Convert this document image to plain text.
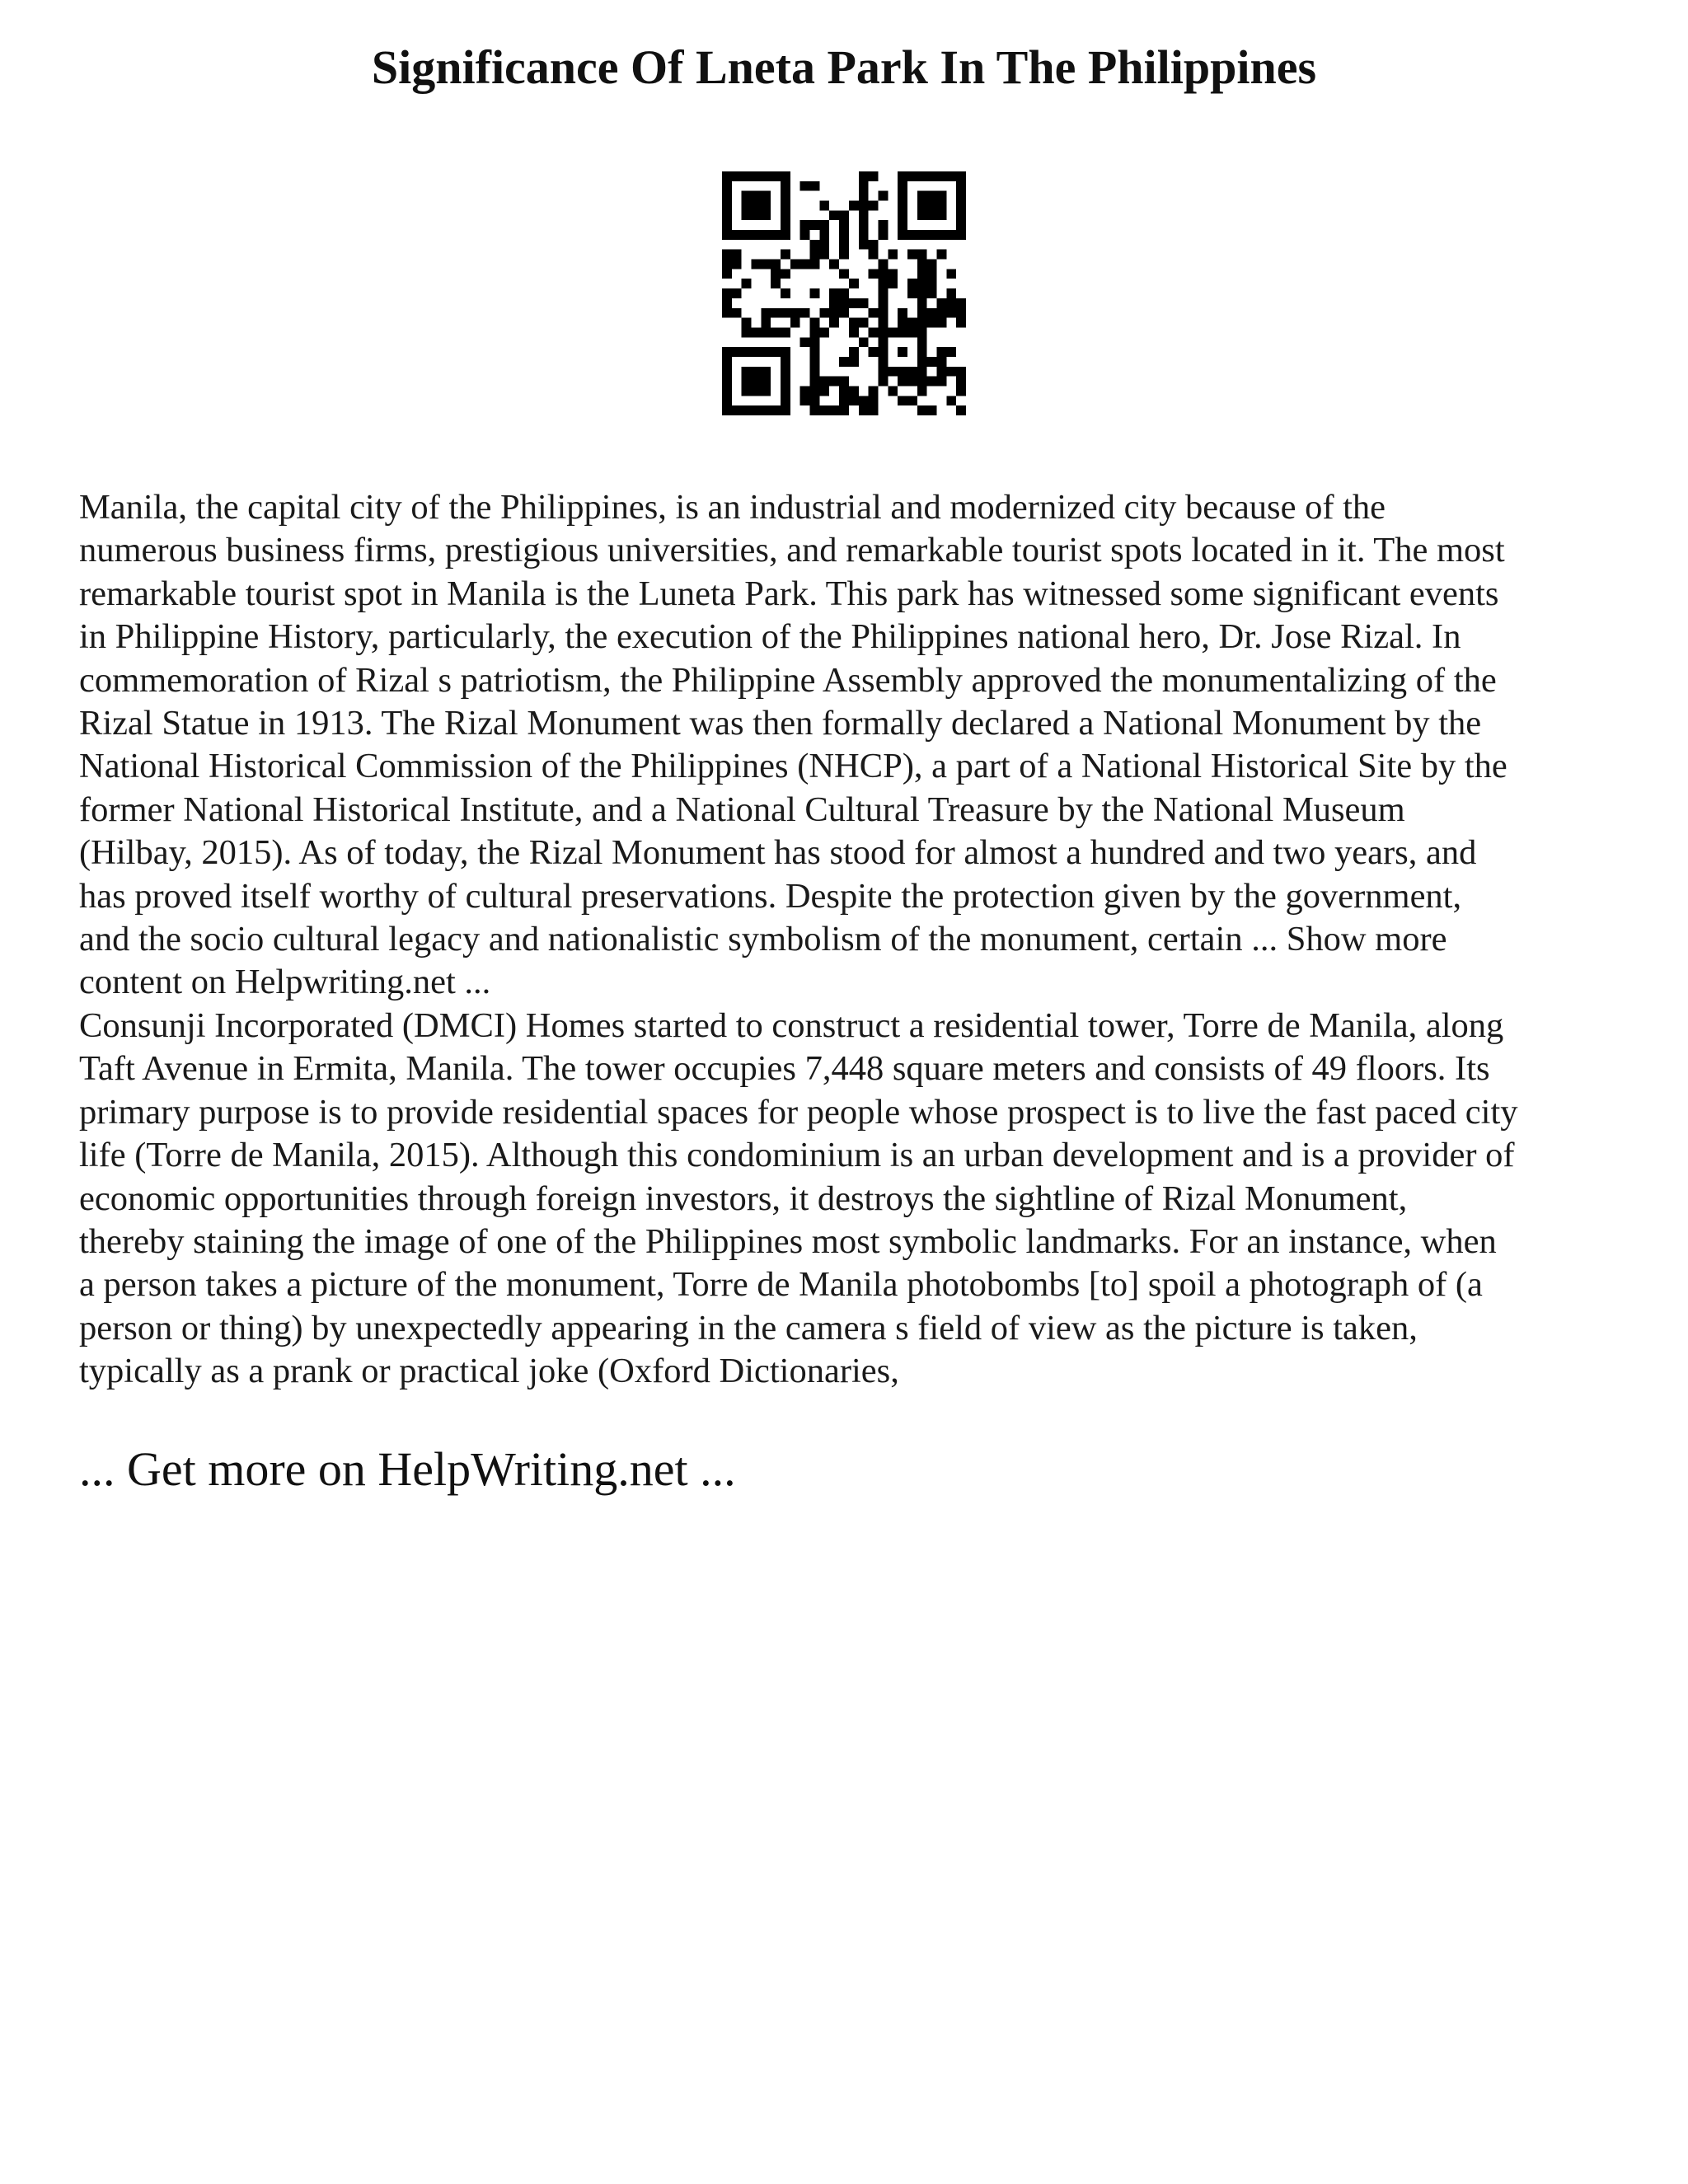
Significance Of Lneta Park In The Philippines

Manila, the capital city of the Philippines, is an industrial and modernized city because of the

numerous business firms, prestigious universities, and remarkable tourist spots located in it. The most

remarkable tourist spot in Manila is the Luneta Park. This park has witnessed some significant events

in Philippine History, particularly, the execution of the Philippines national hero, Dr. Jose Rizal. In

commemoration of Rizal s patriotism, the Philippine Assembly approved the monumentalizing of the

Rizal Statue in 1913. The Rizal Monument was then formally declared a National Monument by the

National Historical Commission of the Philippines (NHCP), a part of a National Historical Site by the

former National Historical Institute, and a National Cultural Treasure by the National Museum

(Hilbay, 2015). As of today, the Rizal Monument has stood for almost a hundred and two years, and

has proved itself worthy of cultural preservations. Despite the protection given by the government,

and the socio cultural legacy and nationalistic symbolism of the monument, certain ... Show more

content on Helpwriting.net ...

Consunji Incorporated (DMCI) Homes started to construct a residential tower, Torre de Manila, along

Taft Avenue in Ermita, Manila. The tower occupies 7,448 square meters and consists of 49 floors. Its

primary purpose is to provide residential spaces for people whose prospect is to live the fast paced city

life (Torre de Manila, 2015). Although this condominium is an urban development and is a provider of

economic opportunities through foreign investors, it destroys the sightline of Rizal Monument,

thereby staining the image of one of the Philippines most symbolic landmarks. For an instance, when

a person takes a picture of the monument, Torre de Manila photobombs [to] spoil a photograph of (a

person or thing) by unexpectedly appearing in the camera s field of view as the picture is taken,

typically as a prank or practical joke (Oxford Dictionaries,

... Get more on HelpWriting.net ...
